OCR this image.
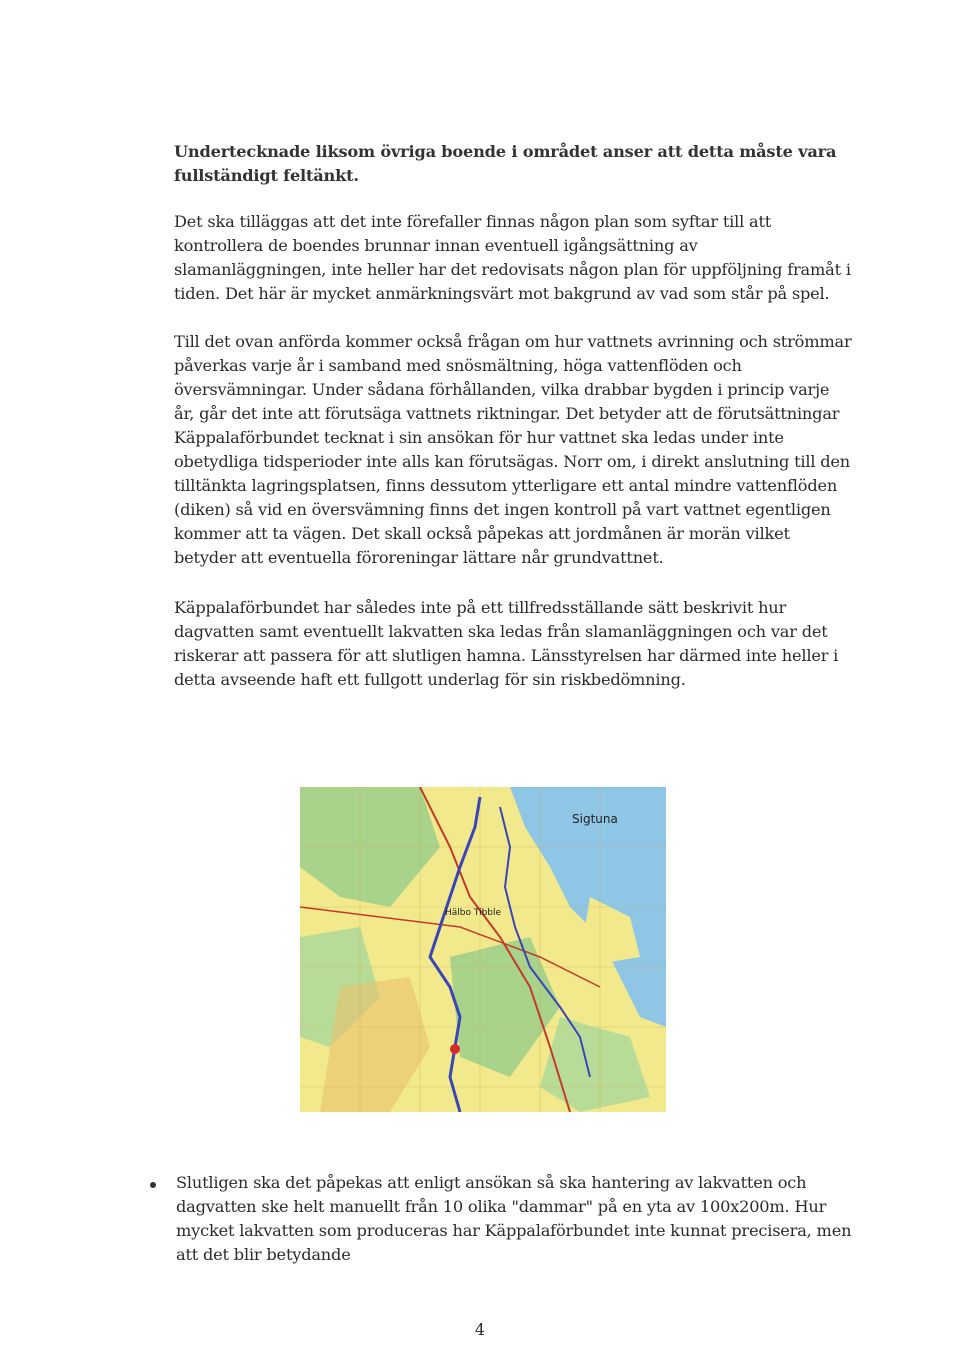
Undertecknade liksom övriga boende i området anser att detta måste vara fullständigt feltänkt.
Det ska tilläggas att det inte förefaller finnas någon plan som syftar till att kontrollera de boendes brunnar innan eventuell igångsättning av slamanläggningen, inte heller har det redovisats någon plan för uppföljning framåt i tiden. Det här är mycket anmärkningsvärt mot bakgrund av vad som står på spel.
Till det ovan anförda kommer också frågan om hur vattnets avrinning och strömmar påverkas varje år i samband med snösmältning, höga vattenflöden och översvämningar. Under sådana förhållanden, vilka drabbar bygden i princip varje år, går det inte att förutsäga vattnets riktningar. Det betyder att de förutsättningar Käppalaförbundet tecknat i sin ansökan för hur vattnet ska ledas under inte obetydliga tidsperioder inte alls kan förutsägas. Norr om, i direkt anslutning till den tilltänkta lagringsplatsen, finns dessutom ytterligare ett antal mindre vattenflöden (diken) så vid en översvämning finns det ingen kontroll på vart vattnet egentligen kommer att ta vägen. Det skall också påpekas att jordmånen är morän vilket betyder att eventuella föroreningar lättare når grundvattnet.
Käppalaförbundet har således inte på ett tillfredsställande sätt beskrivit hur dagvatten samt eventuellt lakvatten ska ledas från slamanläggningen och var det riskerar att passera för att slutligen hamna. Länsstyrelsen har därmed inte heller i detta avseende haft ett fullgott underlag för sin riskbedömning.
Sigtuna
Hälbo Tibble
Slutligen ska det påpekas att enligt ansökan så ska hantering av lakvatten och dagvatten ske helt manuellt från 10 olika "dammar" på en yta av 100x200m. Hur mycket lakvatten som produceras har Käppalaförbundet inte kunnat precisera, men att det blir betydande
4
